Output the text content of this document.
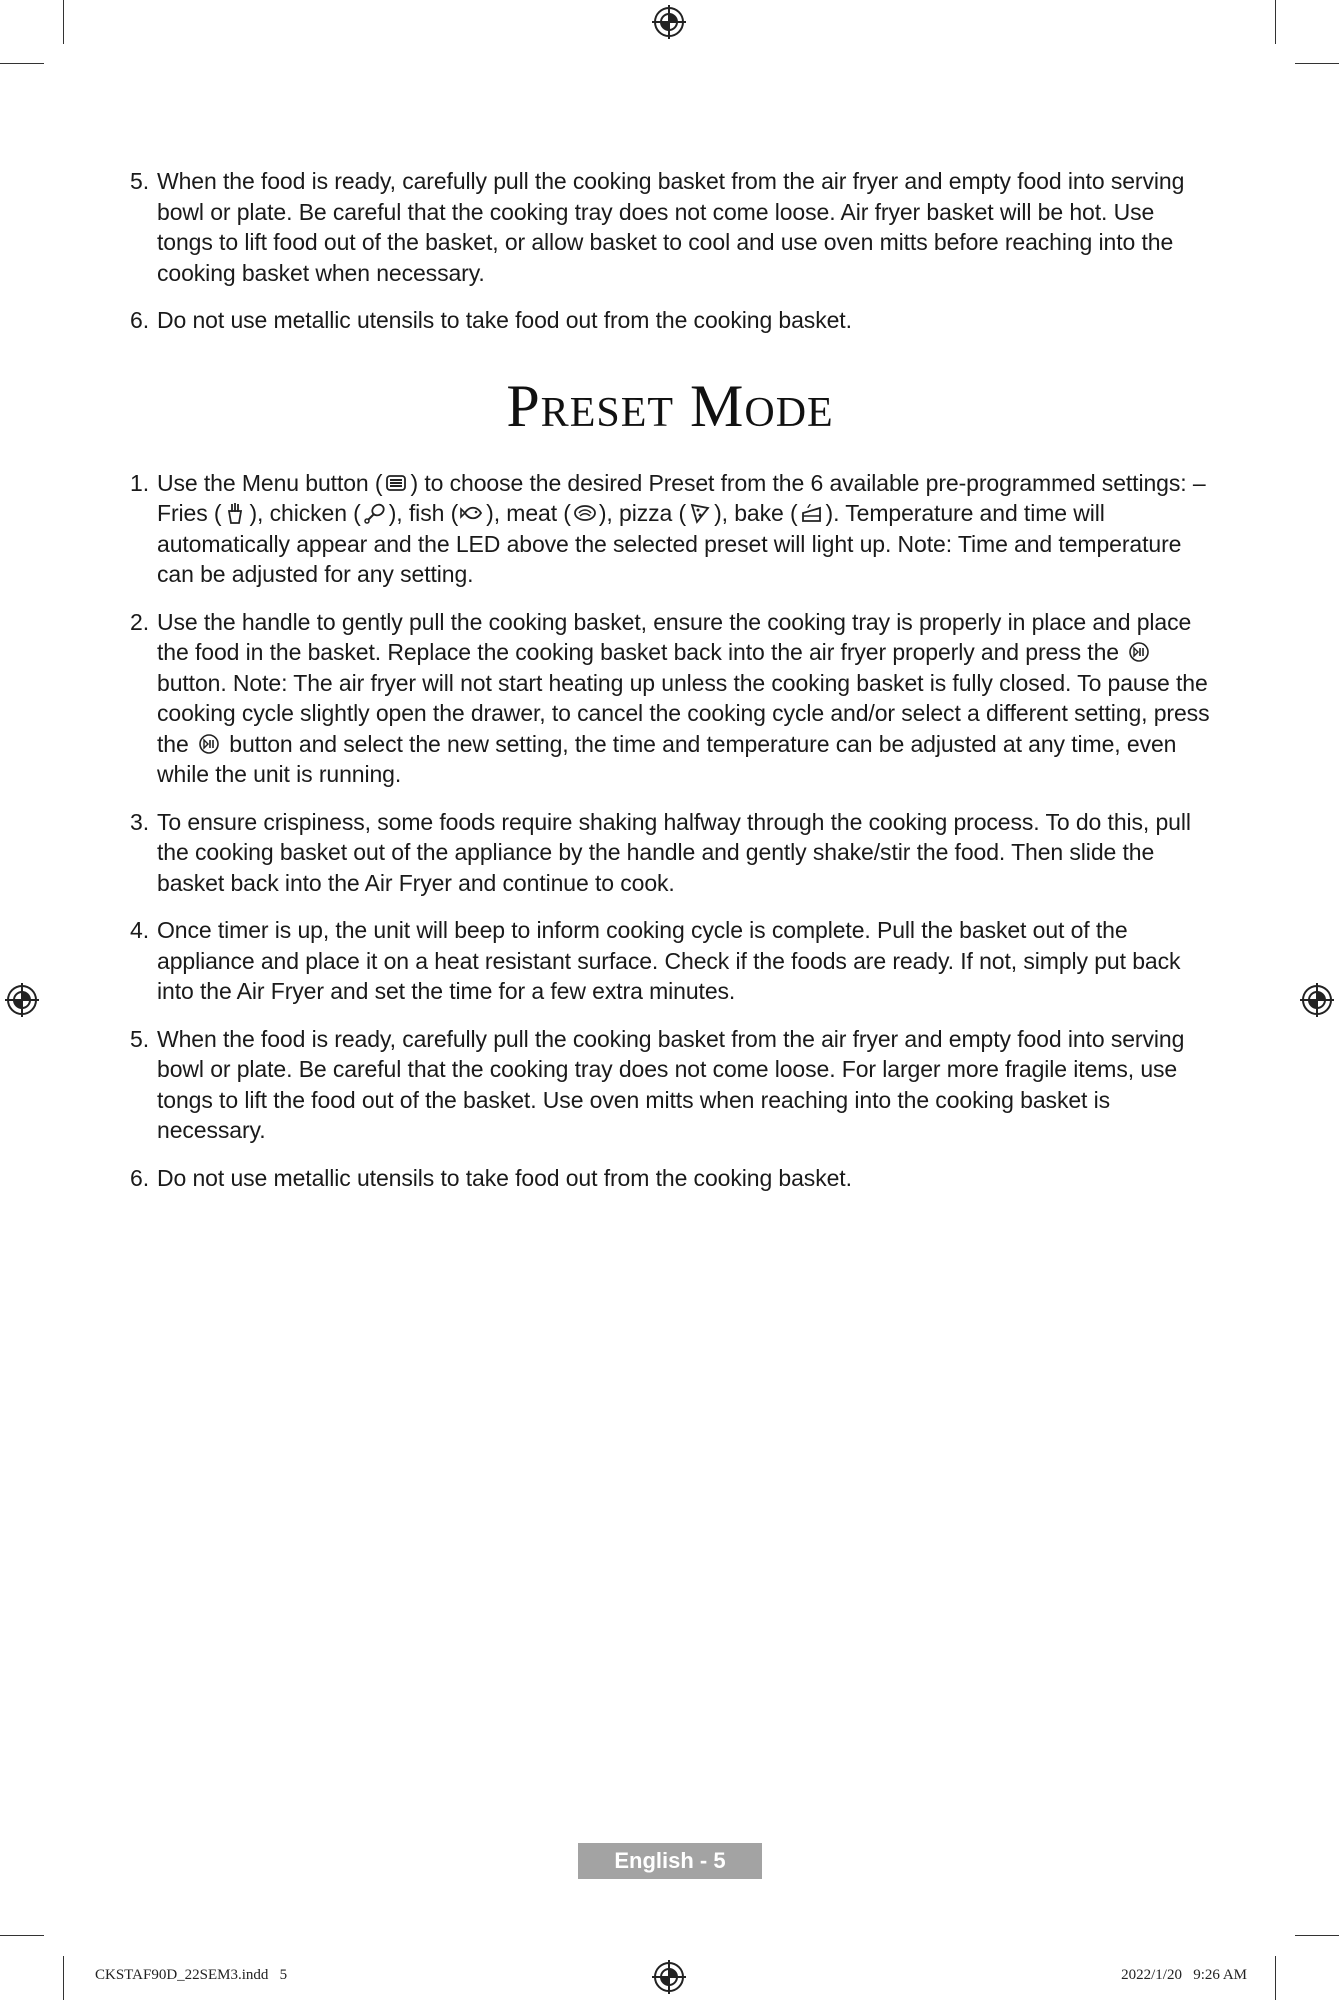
5. When the food is ready, carefully pull the cooking basket from the air fryer and empty food into serving bowl or plate. Be careful that the cooking tray does not come loose. Air fryer basket will be hot. Use tongs to lift food out of the basket, or allow basket to cool and use oven mitts before reaching into the cooking basket when necessary.
6. Do not use metallic utensils to take food out from the cooking basket.
Preset Mode
1. Use the Menu button ( ) to choose the desired Preset from the 6 available pre-programmed settings: – Fries ( ), chicken ( ), fish ( ), meat ( ), pizza ( ), bake ( ). Temperature and time will automatically appear and the LED above the selected preset will light up. Note: Time and temperature can be adjusted for any setting.
2. Use the handle to gently pull the cooking basket, ensure the cooking tray is properly in place and place the food in the basket. Replace the cooking basket back into the air fryer properly and press the
button. Note: The air fryer will not start heating up unless the cooking basket is fully closed. To pause the cooking cycle slightly open the drawer, to cancel the cooking cycle and/or select a different setting, press the button and select the new setting, the time and temperature can be adjusted at any time, even while the unit is running.
3. To ensure crispiness, some foods require shaking halfway through the cooking process. To do this, pull the cooking basket out of the appliance by the handle and gently shake/stir the food. Then slide the basket back into the Air Fryer and continue to cook.
4. Once timer is up, the unit will beep to inform cooking cycle is complete. Pull the basket out of the appliance and place it on a heat resistant surface. Check if the foods are ready. If not, simply put back into the Air Fryer and set the time for a few extra minutes.
5. When the food is ready, carefully pull the cooking basket from the air fryer and empty food into serving bowl or plate. Be careful that the cooking tray does not come loose. For larger more fragile items, use tongs to lift the food out of the basket. Use oven mitts when reaching into the cooking basket is necessary.
6. Do not use metallic utensils to take food out from the cooking basket.
English - 5
CKSTAF90D_22SEM3.indd   5	2022/1/20   9:26 AM
